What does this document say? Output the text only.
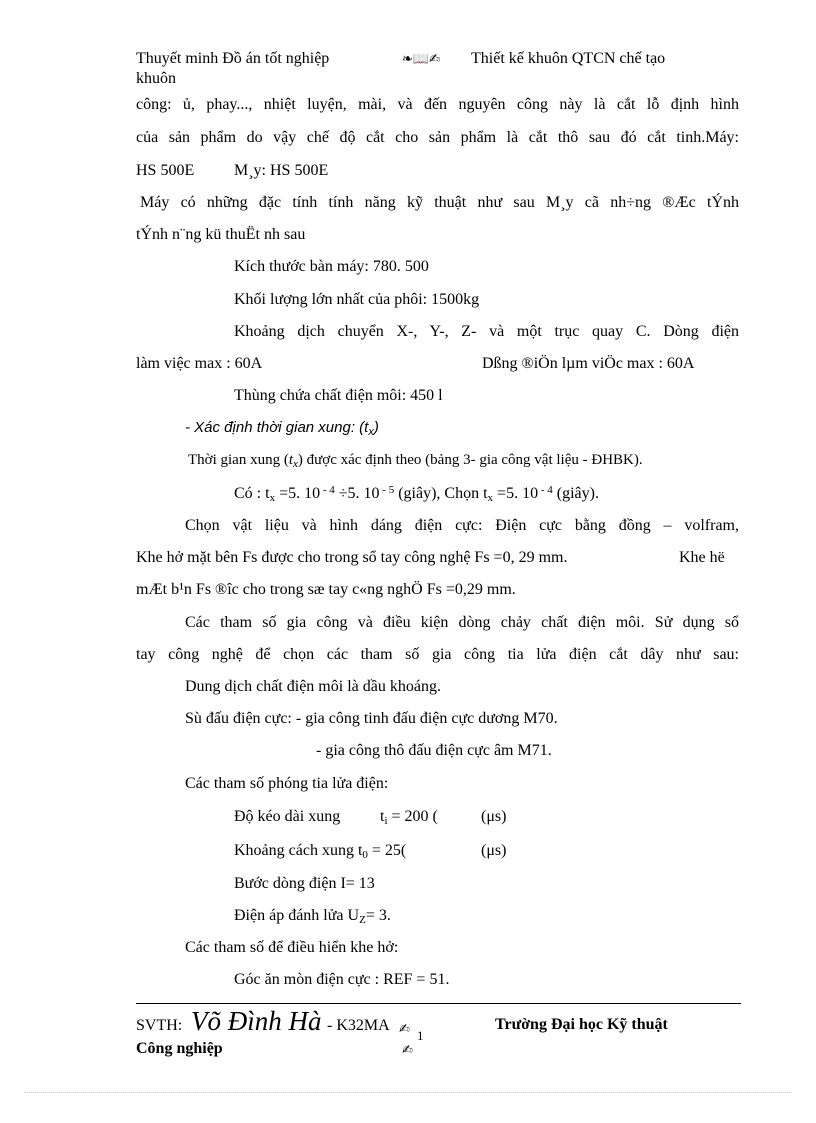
Thuyết minh Đồ án tốt nghiệp	❧📖✍ Thiết kế khuôn QTCN chế tạo
khuôn
công: ủ, phay..., nhiệt luyện, mài, và đến nguyên công này là cắt lỗ định hình
của sản phẩm do vậy chế độ cắt cho sản phẩm là cắt thô sau đó cắt tinh.Máy:
HS 500E M¸y: HS 500E
Máy có những đặc tính tính năng kỹ thuật như sau M¸y cã nh÷ng ®Æc tÝnh
tÝnh n¨ng kü thuËt nh sau
Kích thước bàn máy: 780. 500
Khối lượng lớn nhất của phôi: 1500kg
Khoảng dịch chuyển X-, Y-, Z- và một trục quay C. Dòng điện
làm việc max : 60A	Dßng ®iÖn lµm viÖc max : 60A
Thùng chứa chất điện môi: 450 l
- Xác định thời gian xung: $(t_x)$
Thời gian xung $(t_x)$ được xác định theo (bảng 3- gia công vật liệu - ĐHBK).
Có : $t_x =5$. 10 $^{- 4}$ ÷5. 10 $^{- 5}$ (giây), Chọn $t_x =5$. 10 $^{- 4}$ (giây).
Chọn vật liệu và hình dáng điện cực: Điện cực bằng đồng – volfram,
Khe hở mặt bên Fs được cho trong sổ tay công nghệ Fs =0, 29 mm.	Khe hë
mÆt b¹n Fs ®îc cho trong sæ tay c«ng nghÖ Fs =0,29 mm.
Các tham số gia công và điều kiện dòng chảy chất điện môi. Sử dụng sổ
tay công nghệ để chọn các tham số gia công tia lửa điện cắt dây như sau:
Dung dịch chất điện môi là dầu khoáng.
Sù đấu điện cực: - gia công tinh đấu điện cực dương M70.
- gia công thô đấu điện cực âm M71.
Các tham số phóng tia lửa điện:
Độ kéo dài xung $t_i = 200$ (	(μs)
Khoảng cách xung $t_0 = 25$(	(μs)
Bước dòng điện I= 13
Điện áp đánh lửa $U_Z= 3$.
Các tham số để điều hiển khe hở:
Góc ăn mòn điện cực : REF = 51.
SVTH: Võ Đình Hà - K32MA ✍ 1
✍
Trường Đại học Kỹ thuật
Công nghiệp
